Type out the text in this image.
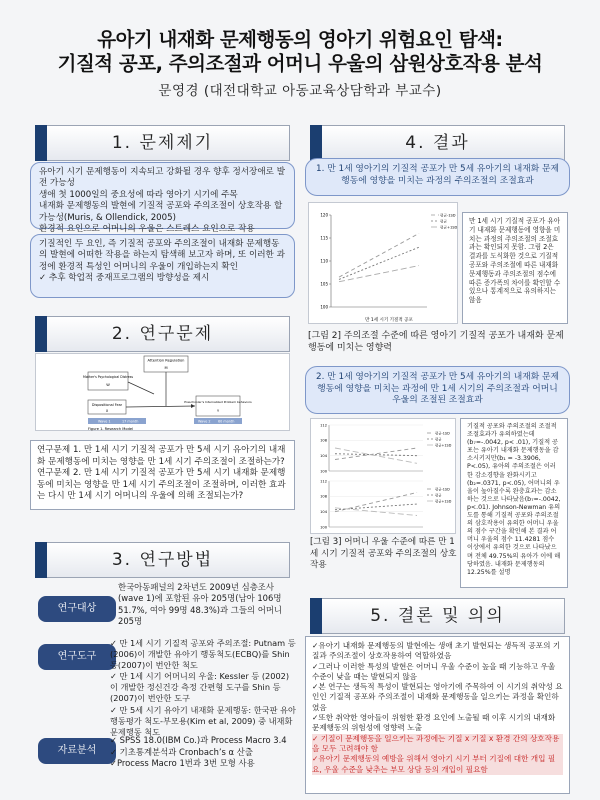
유아기 내재화 문제행동의 영아기 위험요인 탐색:
기질적 공포, 주의조절과 어머니 우울의 삼원상호작용 분석
문영경 (대전대학교 아동교육상담학과 부교수)
1. 문제제기
유아기 시기 문제행동이 지속되고 강화될 경우 향후 정서장애로 발전 가능성
생애 첫 1000일의 중요성에 따라 영아기 시기에 주목
내재화 문제행동의 발현에 기질적 공포와 주의조절이 상호작용 할 가능성(Muris, & Ollendick, 2005)
환경적 요인으로 어머니의 우울은 스트레스 요인으로 작용
기질적인 두 요인, 즉 기질적 공포와 주의조절이 내재화 문제행동의 발현에 어떠한 작용을 하는지 탐색해 보고자 하며, 또 이러한 과정에 환경적 특성인 어머니의 우울이 개입하는지 확인
✓ 추후 학업적 중재프로그램의 방향성을 제시
2. 연구문제
Attention Regulation
M
Mother's Psychological Distress
W
Dispositional Fear
X
Preschooler's Internalized Problem behaviors
Y
Wave 1	17 month	Wave 2 60 month
Figure 1. Research Model
연구문제 1. 만 1세 시기 기질적 공포가 만 5세 시기 유아기의 내재화 문제행동에 미치는 영향을 만 1세 시기 주의조절이 조절하는가?
연구문제 2. 만 1세 시기 기질적 공포가 만 5세 시기 내재화 문제행동에 미치는 영향을 만 1세 시기 주의조절이 조절하며, 이러한 효과는 다시 만 1세 시기 어머니의 우울에 의해 조절되는가?
3. 연구방법
연구대상
한국아동패널의 2차년도 2009년 심층조사 (wave 1)에 포함된 유아 205명(남아 106명 51.7%, 여아 99명 48.3%)과 그들의 어머니 205명
연구도구
✓ 만 1세 시기 기질적 공포와 주의조절: Putnam 등(2006)이 개발한 유아기 행동척도(ECBQ)를 Shin 등(2007)이 번안한 척도
✓ 만 1세 시기 어머니의 우울: Kessler 등 (2002)이 개발한 정신건강 측정 간편형 도구를 Shin 등(2007)이 번안한 도구
✓ 만 5세 시기 유아기 내재화 문제행동: 한국판 유아행동평가 척도-부모용(Kim et al, 2009) 중 내재화 문제행동 척도
자료분석
✓ SPSS 18.0(IBM Co.)과 Process Macro 3.4
✓ 기초통계분석과 Cronbach’s α 산출
✓Process Macro 1번과 3번 모형 사용
4. 결과
1. 만 1세 영아기의 기질적 공포가 만 5세 유아기의 내재화 문제행동에 영향을 미치는 과정의 주의조절의 조절효과
100
105
110
115
120	평균-1SD
평균
평균+1SD
만 1세 시기 기질적 공포
만 1세 시기 기질적 공포가 유아기 내재화 문제행동에 영향을 미치는 과정의 주의조절의 조절효과는 확인되지 못함. 그림 2은 결과를 도식화한 것으로 기질적 공포와 주의조절에 따른 내재화 문제행동과 주의조절의 점수에 따른 증가폭의 차이를 확인할 수 있으나 통계적으로 유의하지는 않음
[그림 2] 주의조절 수준에 따른 영아기 기질적 공포가 내재화 문제행동에 미치는 영향력
2. 만 1세 영아기의 기질적 공포가 만 5세 유아기의 내재화 문제행동에 영향을 미치는 과정에 만 1세 시기의 주의조절과 어머니 우울의 조절된 조절효과
100
104
108
112
평균-1SD
평균
평균+1SD
100
104
108
112
평균-1SD
평균
평균+1SD
기질적 공포와 주의조절의 조절적 조절효과가 유의하였는데(b₇=-.0042, p< .01), 기질적 공포는 유아기 내재화 문제행동을 감소시키지만(b₁ = -3.3906, P<.05), 유아의 주의조절은 이러한 감소경향을 완화시키고(b₂=.0371, p<.05), 어머니의 우울이 높아질수록 완충효과는 감소하는 것으로 나타났음(b₇=-.0042, p<.01). Johnson-Newman 유의도를 통해 기질적 공포와 주의조절의 삼호작용이 유의한 어머니 우울의 점수 구간을 확인해 본 결과 어머니 우울의 점수 11.4281 점수 이상에서 유의한 것으로 나타났으며 전체 49.75%의 유아가 이에 해당하였음. 내재화 문제행동의 12.25%를 설명
[그림 3] 어머니 우울 수준에 따른 만 1세 시기 기질적 공포와 주의조절의 상호작용
5. 결론 및 의의
✓유아기 내재화 문제행동의 발현에는 생애 초기 발현되는 생득적 공포의 기질과 주의조절이 상호작용하여 역할하였음
✓그러나 이러한 특성의 발현은 어머니 우울 수준이 높을 때 기능하고 우울 수준이 낮을 때는 발현되지 않음
✓본 연구는 생득적 특성이 발현되는 영아기에 주목하여 이 시기의 취약성 요인인 기질적 공포와 주의조절이 내재화 문제행동을 일으키는 과정을 확인하였음
✓또한 취약한 영아들이 위험한 환경 요인에 노출될 때 이후 시기의 내재화 문제행동의 위험성에 영향력 노출
✓ 기질이 문제행동을 일으키는 과정에는 기질 x 기질 x 환경 간의 상호작용을 모두 고려해야 함
✓유아기 문제행동의 예방을 위해서 영아기 시기 부터 기질에 대한 개입 필요, 우울 수준을 낮추는 부모 상담 등의 개입이 필요함
